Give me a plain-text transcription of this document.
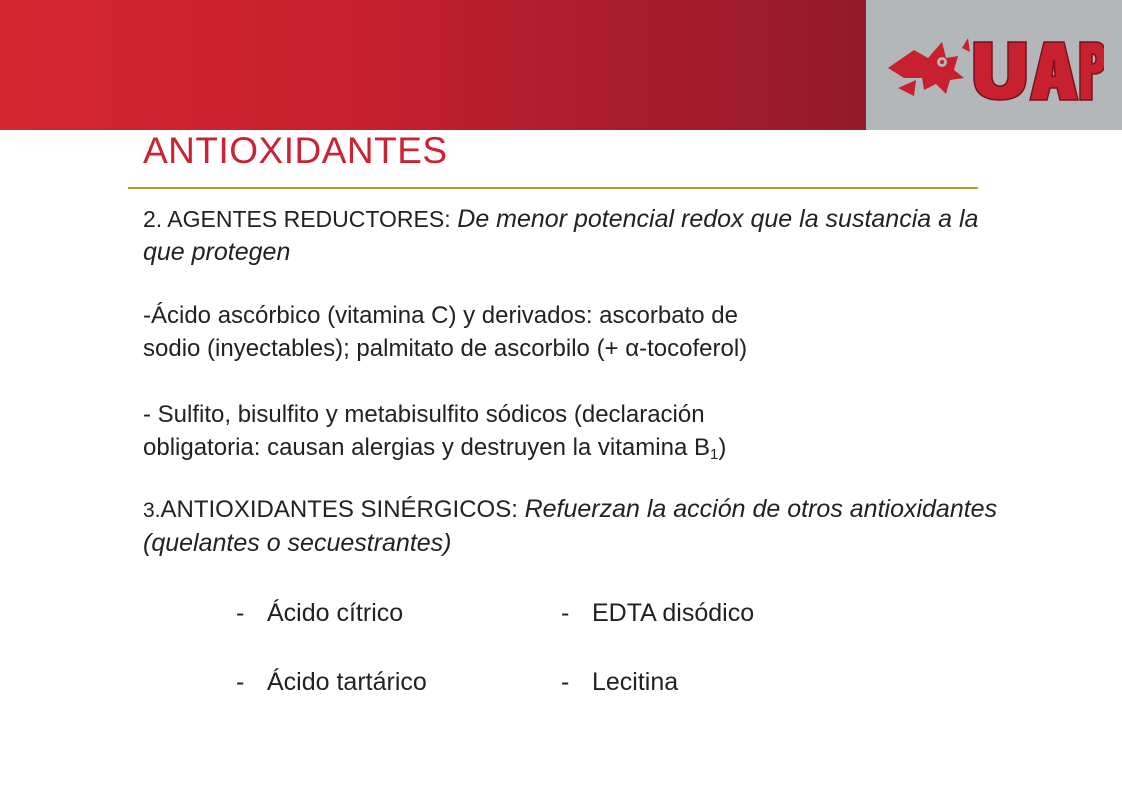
UAP
ANTIOXIDANTES
2. AGENTES REDUCTORES: De menor potencial redox que la sustancia a la que protegen
-Ácido ascórbico (vitamina C) y derivados: ascorbato de
sodio (inyectables); palmitato de ascorbilo (+ α-tocoferol)
- Sulfito, bisulfito y metabisulfito sódicos (declaración
obligatoria: causan alergias y destruyen la vitamina $B_1$)
3.ANTIOXIDANTES SINÉRGICOS: Refuerzan la acción de otros antioxidantes (quelantes o secuestrantes)
- Ácido cítrico	- EDTA disódico
- Ácido tartárico	- Lecitina
